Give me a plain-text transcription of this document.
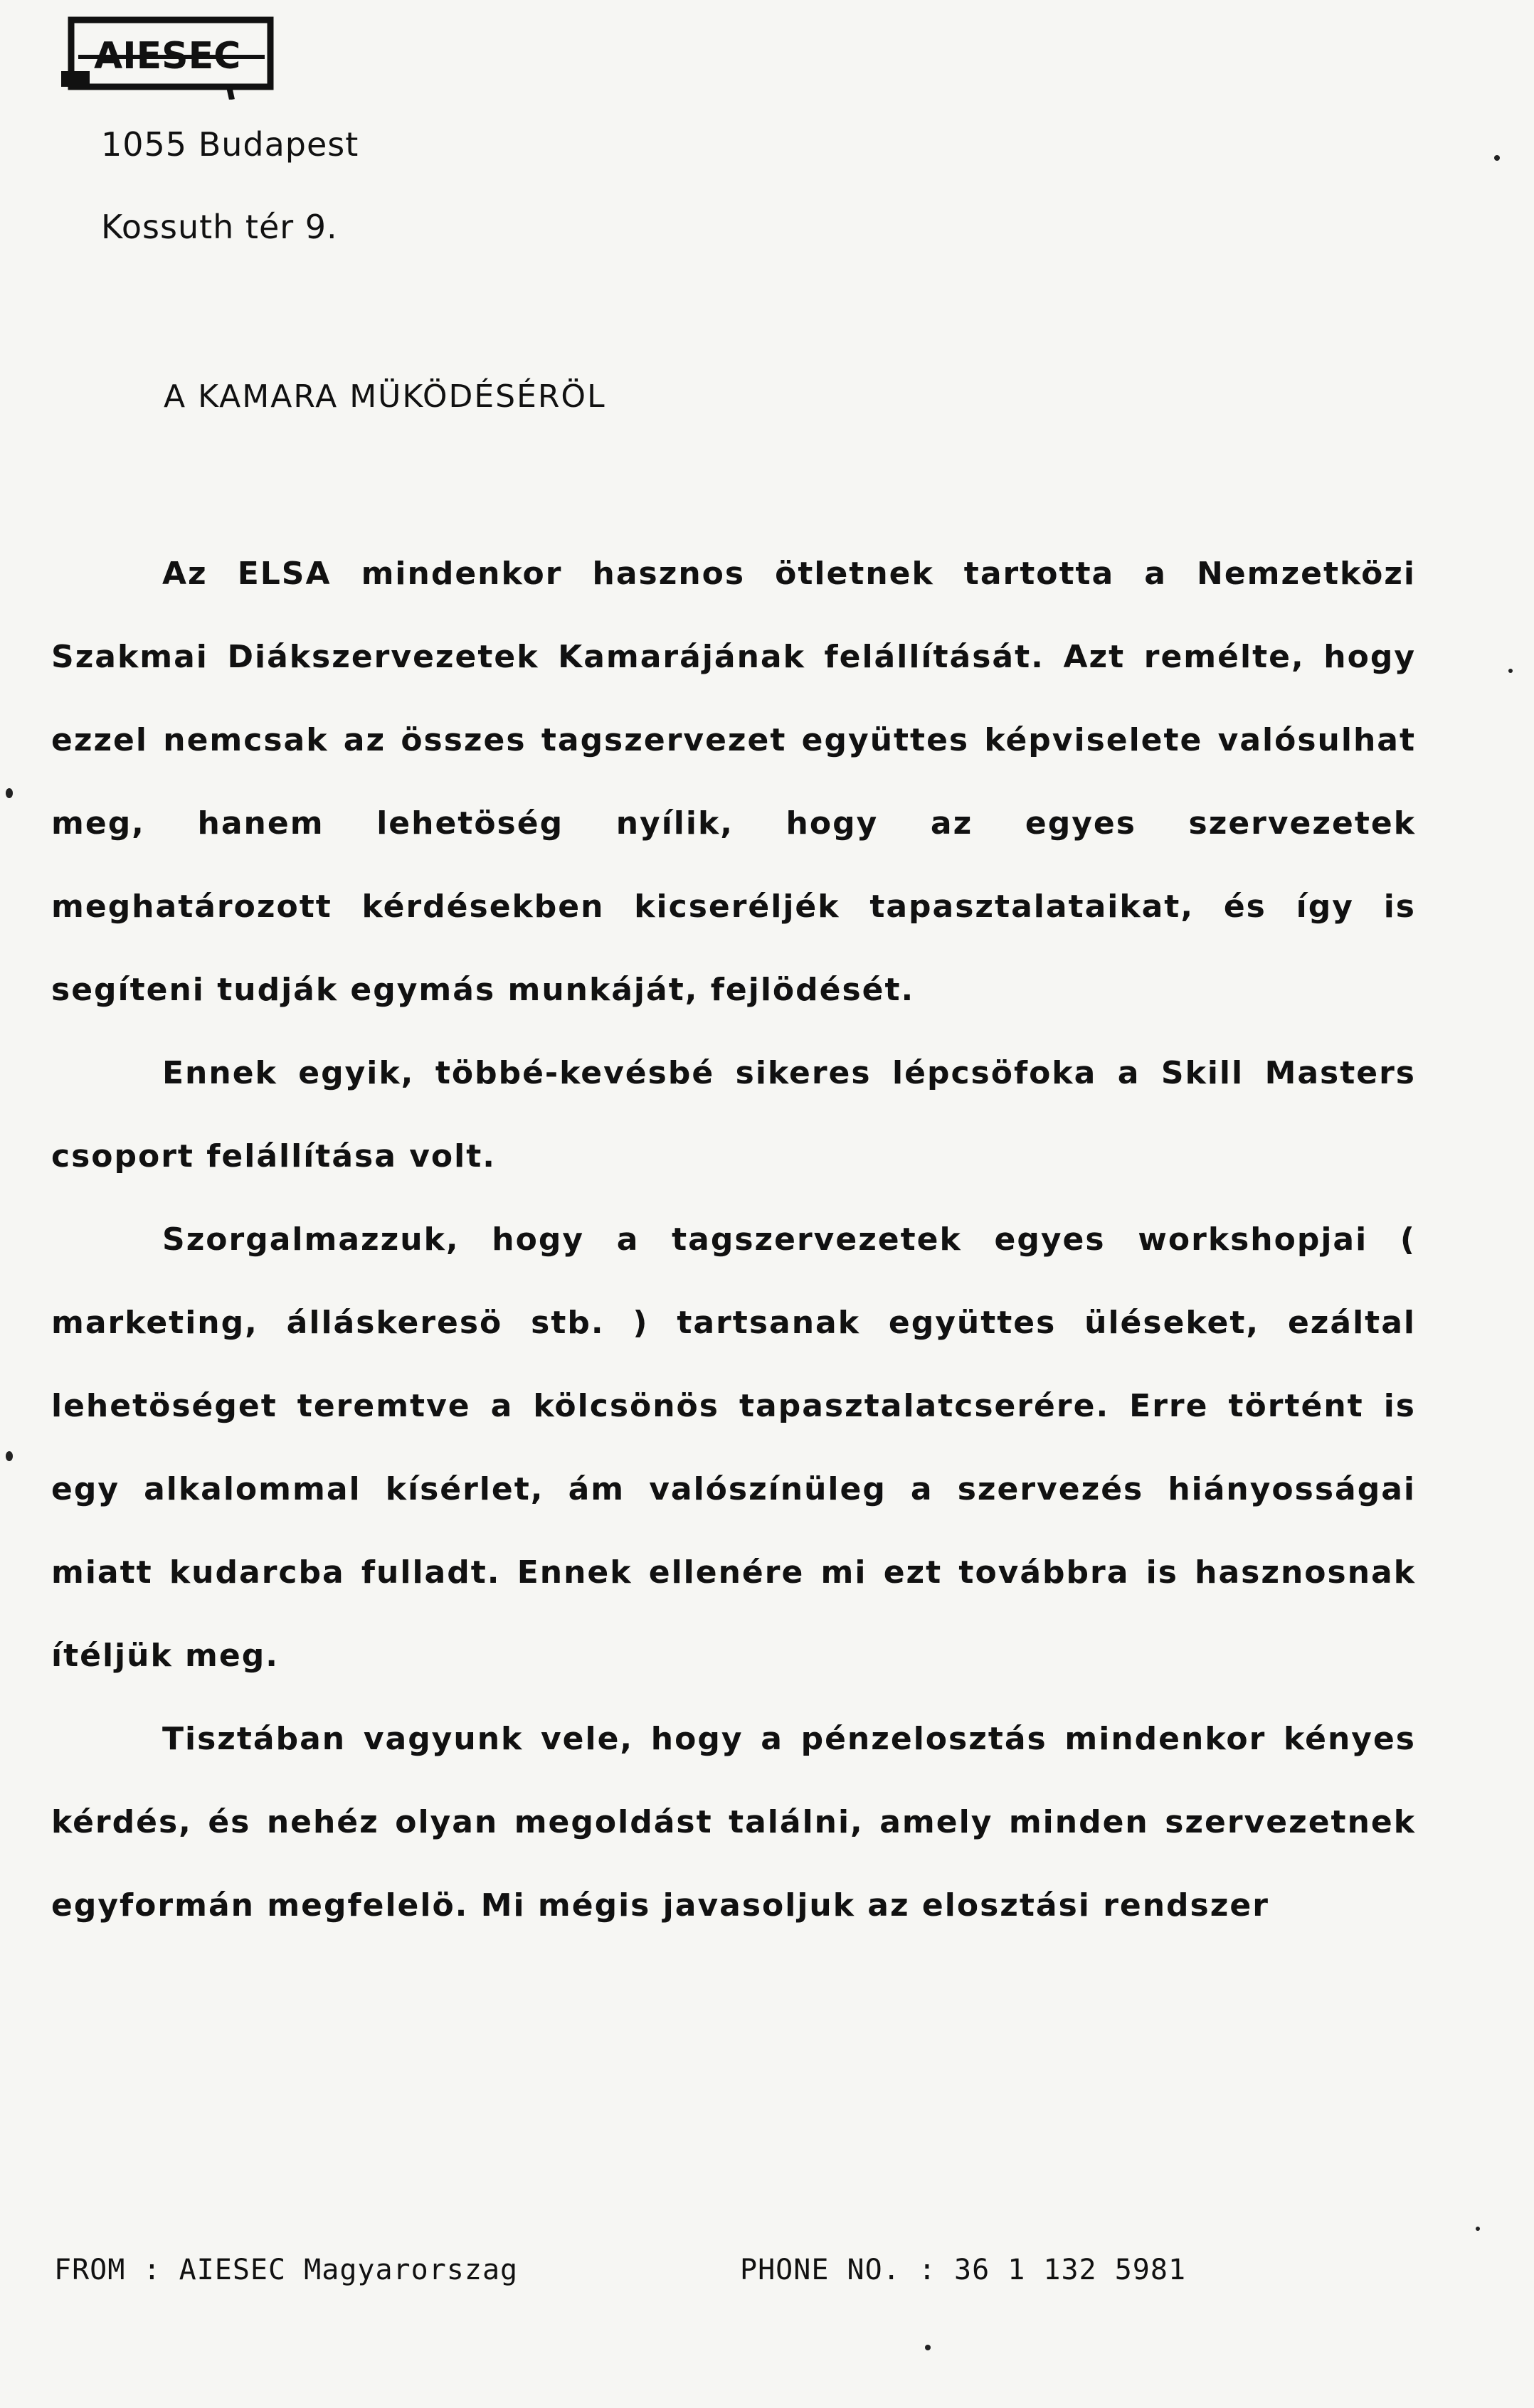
AIESEC
1055 Budapest
Kossuth tér 9.
A KAMARA MÜKÖDÉSÉRÖL

Az ELSA mindenkor hasznos ötletnek tartotta a Nemzetközi Szakmai Diákszervezetek Kamarájának felállítását. Azt remélte, hogy ezzel nemcsak az összes tagszervezet együttes képviselete valósulhat meg, hanem lehetöség nyílik, hogy az egyes szervezetek meghatározott kérdésekben kicseréljék tapasztalataikat, és így is segíteni tudják egymás munkáját, fejlödését.

Ennek egyik, többé-kevésbé sikeres lépcsöfoka a Skill Masters csoport felállítása volt.

Szorgalmazzuk, hogy a tagszervezetek egyes workshopjai ( marketing, álláskeresö stb. ) tartsanak együttes üléseket, ezáltal lehetöséget teremtve a kölcsönös tapasztalatcserére. Erre történt is egy alkalommal kísérlet, ám valószínüleg a szervezés hiányosságai miatt kudarcba fulladt. Ennek ellenére mi ezt továbbra is hasznosnak ítéljük meg.

Tisztában vagyunk vele, hogy a pénzelosztás mindenkor kényes kérdés, és nehéz olyan megoldást találni, amely minden szervezetnek egyformán megfelelö. Mi mégis javasoljuk az elosztási rendszer

FROM : AIESEC Magyarorszag	PHONE NO. : 36 1 132 5981
